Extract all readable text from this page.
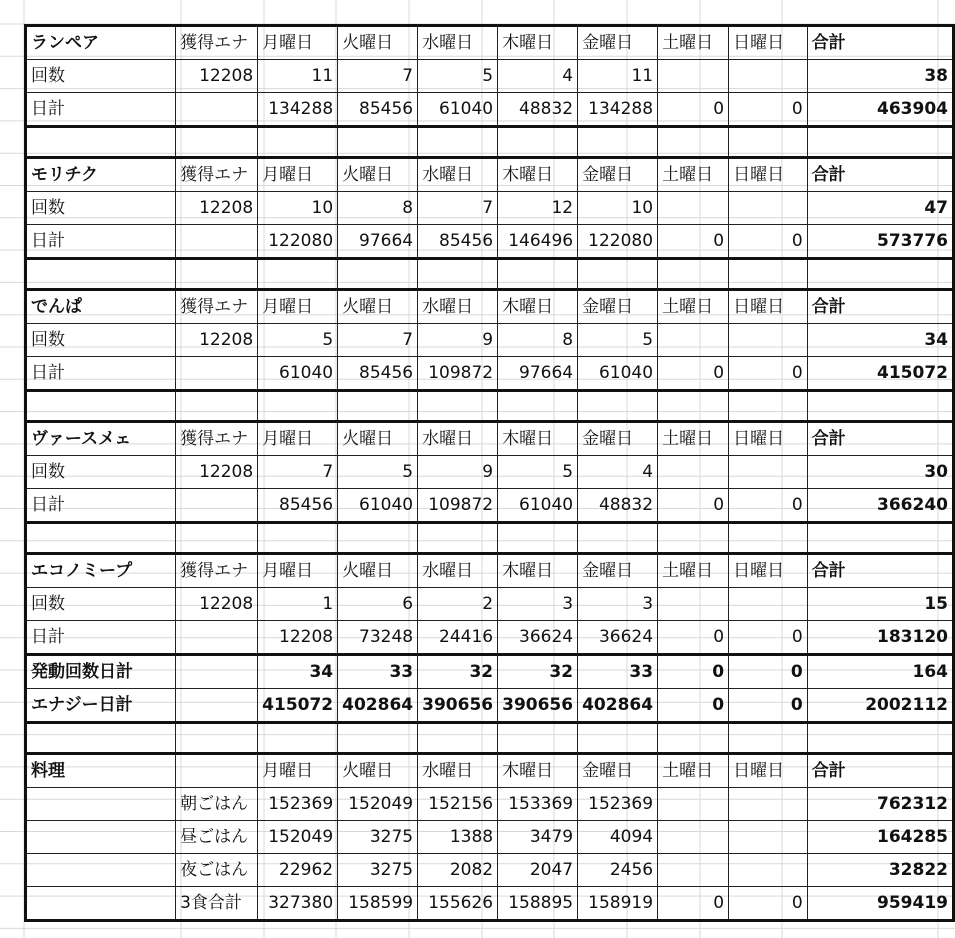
ランペア	獲得エナ	月曜日	火曜日	水曜日	木曜日	金曜日	土曜日	日曜日	合計
回数	12208	11	7	5	4	11			38
日計		134288	85456	61040	48832	134288	0	0	463904

モリチク	獲得エナ	月曜日	火曜日	水曜日	木曜日	金曜日	土曜日	日曜日	合計
回数	12208	10	8	7	12	10			47
日計		122080	97664	85456	146496	122080	0	0	573776

でんぱ	獲得エナ	月曜日	火曜日	水曜日	木曜日	金曜日	土曜日	日曜日	合計
回数	12208	5	7	9	8	5			34
日計		61040	85456	109872	97664	61040	0	0	415072

ヴァースメェ	獲得エナ	月曜日	火曜日	水曜日	木曜日	金曜日	土曜日	日曜日	合計
回数	12208	7	5	9	5	4			30
日計		85456	61040	109872	61040	48832	0	0	366240

エコノミープ	獲得エナ	月曜日	火曜日	水曜日	木曜日	金曜日	土曜日	日曜日	合計
回数	12208	1	6	2	3	3			15
日計		12208	73248	24416	36624	36624	0	0	183120
発動回数日計		34	33	32	32	33	0	0	164
エナジー日計		415072	402864	390656	390656	402864	0	0	2002112

料理		月曜日	火曜日	水曜日	木曜日	金曜日	土曜日	日曜日	合計
	朝ごはん	152369	152049	152156	153369	152369			762312
	昼ごはん	152049	3275	1388	3479	4094			164285
	夜ごはん	22962	3275	2082	2047	2456			32822
	3食合計	327380	158599	155626	158895	158919	0	0	959419
